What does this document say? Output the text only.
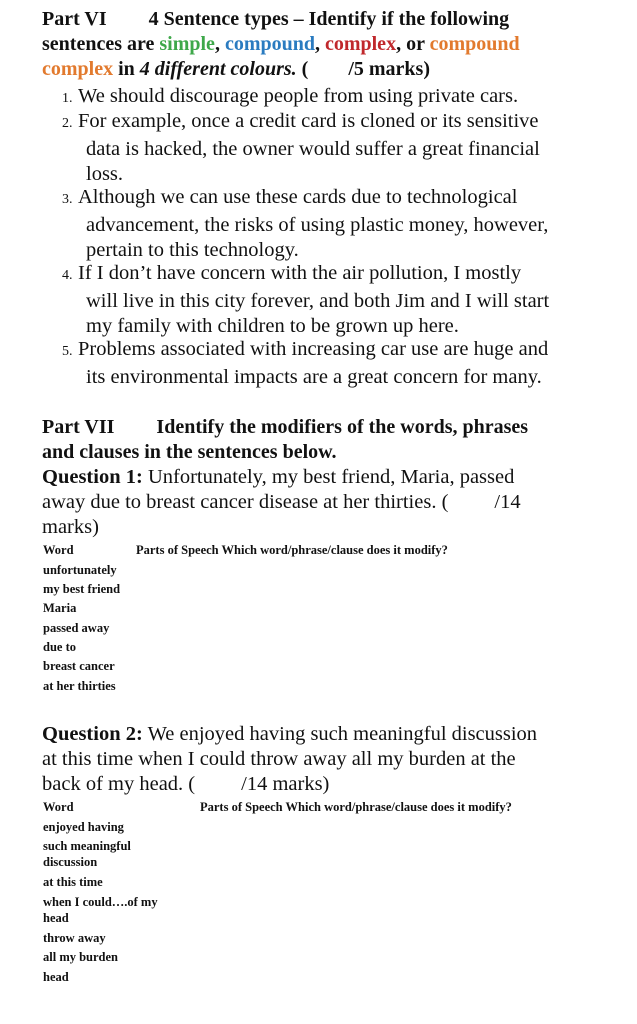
Part VI 4 Sentence types – Identify if the following
sentences are simple, compound, complex, or compound
complex in 4 different colours. ( /5 marks)
1. We should discourage people from using private cars.
2. For example, once a credit card is cloned or its sensitive
data is hacked, the owner would suffer a great financial
loss.
3. Although we can use these cards due to technological
advancement, the risks of using plastic money, however,
pertain to this technology.
4. If I don’t have concern with the air pollution, I mostly
will live in this city forever, and both Jim and I will start
my family with children to be grown up here.
5. Problems associated with increasing car use are huge and
its environmental impacts are a great concern for many.
Part VII Identify the modifiers of the words, phrases
and clauses in the sentences below.
Question 1: Unfortunately, my best friend, Maria, passed
away due to breast cancer disease at her thirties. ( /14
marks)
Word	Parts of Speech Which word/phrase/clause does it modify?
unfortunately
my best friend
Maria
passed away
due to
breast cancer
at her thirties
Question 2: We enjoyed having such meaningful discussion
at this time when I could throw away all my burden at the
back of my head. ( /14 marks)
Word	Parts of Speech Which word/phrase/clause does it modify?
enjoyed having
such meaningful
discussion
at this time
when I could….of my
head
throw away
all my burden
head
